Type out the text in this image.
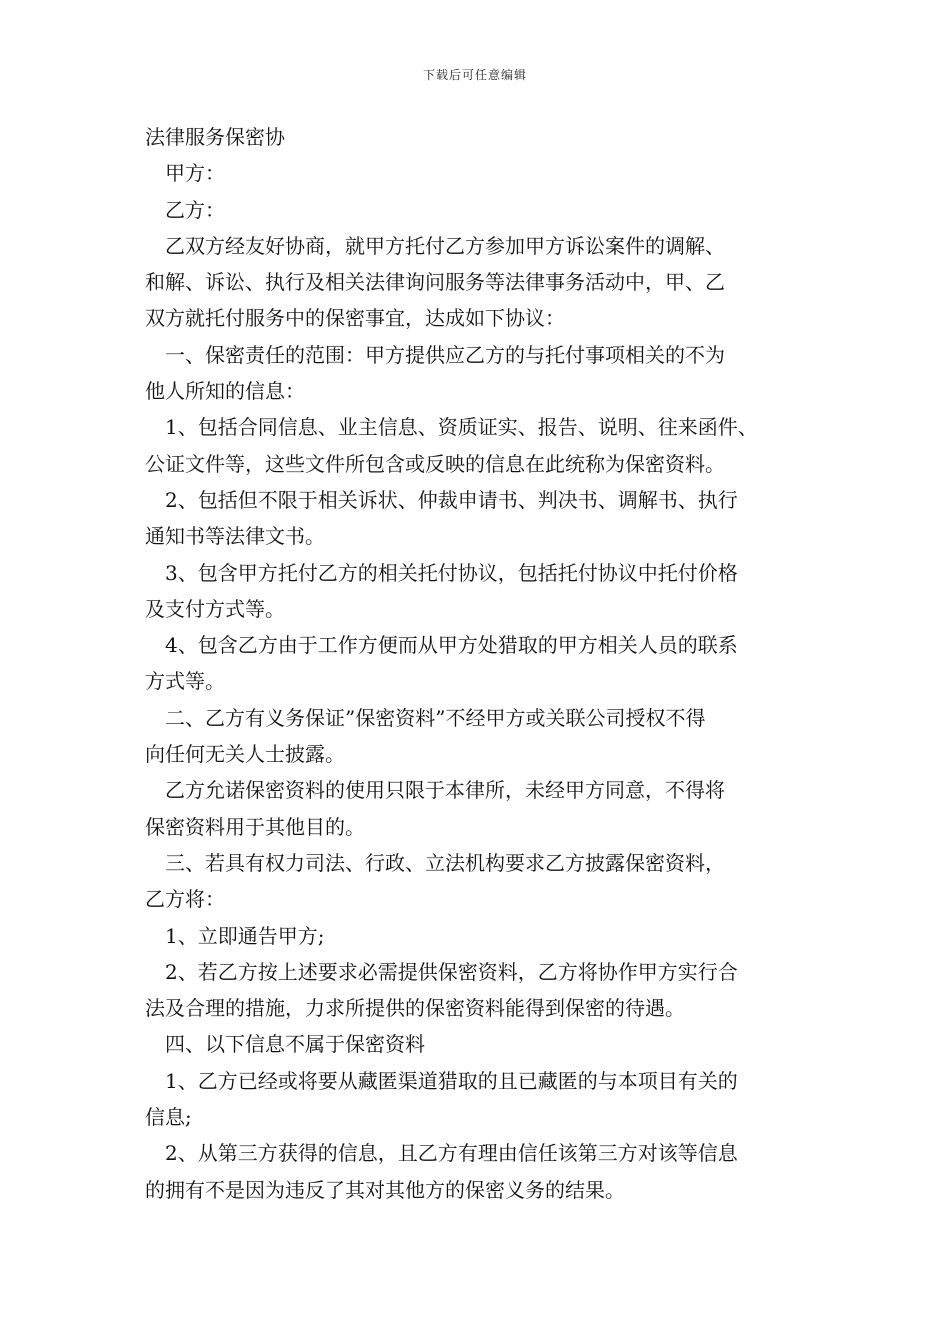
下载后可任意编辑
法律服务保密协
　甲方：
　乙方：
　乙双方经友好协商，就甲方托付乙方参加甲方诉讼案件的调解、
和解、诉讼、执行及相关法律询问服务等法律事务活动中，甲、乙
双方就托付服务中的保密事宜，达成如下协议：
　一、保密责任的范围：甲方提供应乙方的与托付事项相关的不为
他人所知的信息：
　1、包括合同信息、业主信息、资质证实、报告、说明、往来函件、
公证文件等，这些文件所包含或反映的信息在此统称为保密资料。
　2、包括但不限于相关诉状、仲裁申请书、判决书、调解书、执行
通知书等法律文书。
　3、包含甲方托付乙方的相关托付协议，包括托付协议中托付价格
及支付方式等。
　4、包含乙方由于工作方便而从甲方处猎取的甲方相关人员的联系
方式等。
　二、乙方有义务保证”保密资料”不经甲方或关联公司授权不得
向任何无关人士披露。
　乙方允诺保密资料的使用只限于本律所，未经甲方同意，不得将
保密资料用于其他目的。
　三、若具有权力司法、行政、立法机构要求乙方披露保密资料，
乙方将：
　1、立即通告甲方;
　2、若乙方按上述要求必需提供保密资料，乙方将协作甲方实行合
法及合理的措施，力求所提供的保密资料能得到保密的待遇。
　四、以下信息不属于保密资料
　1、乙方已经或将要从藏匿渠道猎取的且已藏匿的与本项目有关的
信息;
　2、从第三方获得的信息，且乙方有理由信任该第三方对该等信息
的拥有不是因为违反了其对其他方的保密义务的结果。
